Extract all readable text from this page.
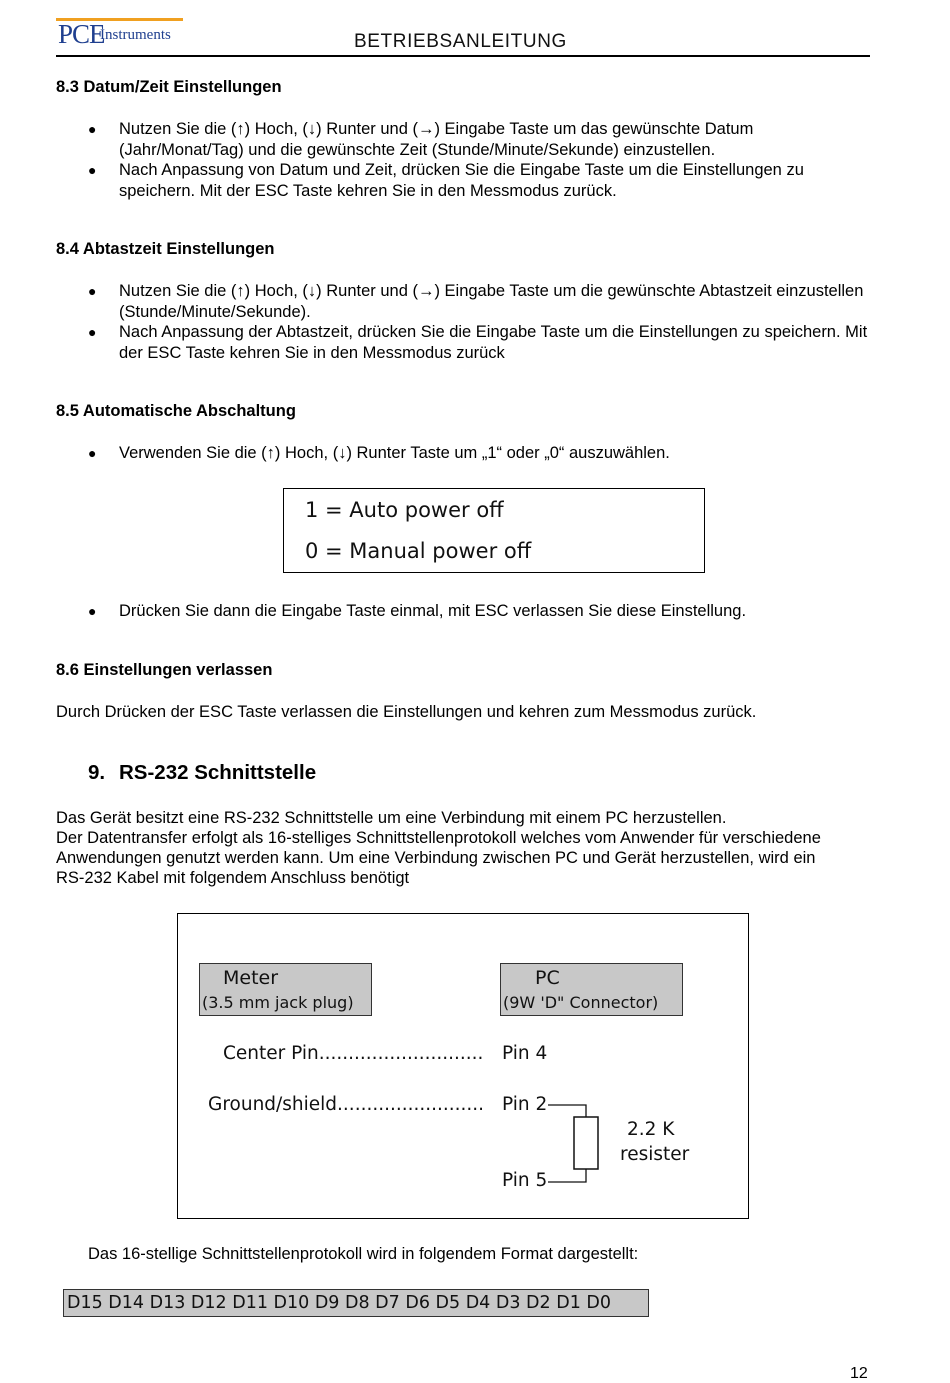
PCE
Instruments	BETRIEBSANLEITUNG
8.3 Datum/Zeit Einstellungen
● Nutzen Sie die (↑) Hoch, (↓) Runter und (→) Eingabe Taste um das gewünschte Datum (Jahr/Monat/Tag) und die gewünschte Zeit (Stunde/Minute/Sekunde) einzustellen.
● Nach Anpassung von Datum und Zeit, drücken Sie die Eingabe Taste um die Einstellungen zu speichern. Mit der ESC Taste kehren Sie in den Messmodus zurück.
8.4 Abtastzeit Einstellungen
● Nutzen Sie die (↑) Hoch, (↓) Runter und (→) Eingabe Taste um die gewünschte Abtastzeit einzustellen (Stunde/Minute/Sekunde).
● Nach Anpassung der Abtastzeit, drücken Sie die Eingabe Taste um die Einstellungen zu speichern. Mit der ESC Taste kehren Sie in den Messmodus zurück
8.5 Automatische Abschaltung
● Verwenden Sie die (↑) Hoch, (↓) Runter Taste um „1“ oder „0“ auszuwählen.
1 = Auto power off
0 = Manual power off
● Drücken Sie dann die Eingabe Taste einmal, mit ESC verlassen Sie diese Einstellung.
8.6 Einstellungen verlassen
Durch Drücken der ESC Taste verlassen die Einstellungen und kehren zum Messmodus zurück.
9. RS-232 Schnittstelle
Das Gerät besitzt eine RS-232 Schnittstelle um eine Verbindung mit einem PC herzustellen.
Der Datentransfer erfolgt als 16-stelliges Schnittstellenprotokoll welches vom Anwender für verschiedene
Anwendungen genutzt werden kann. Um eine Verbindung zwischen PC und Gerät herzustellen, wird ein
RS-232 Kabel mit folgendem Anschluss benötigt
Meter
(3.5 mm jack plug)
PC
(9W 'D" Connector)
Center Pin............................ Pin 4
Ground/shield......................... Pin 2
Pin 5
2.2 K
resister
Das 16-stellige Schnittstellenprotokoll wird in folgendem Format dargestellt:
D15 D14 D13 D12 D11 D10 D9 D8 D7 D6 D5 D4 D3 D2 D1 D0
12
